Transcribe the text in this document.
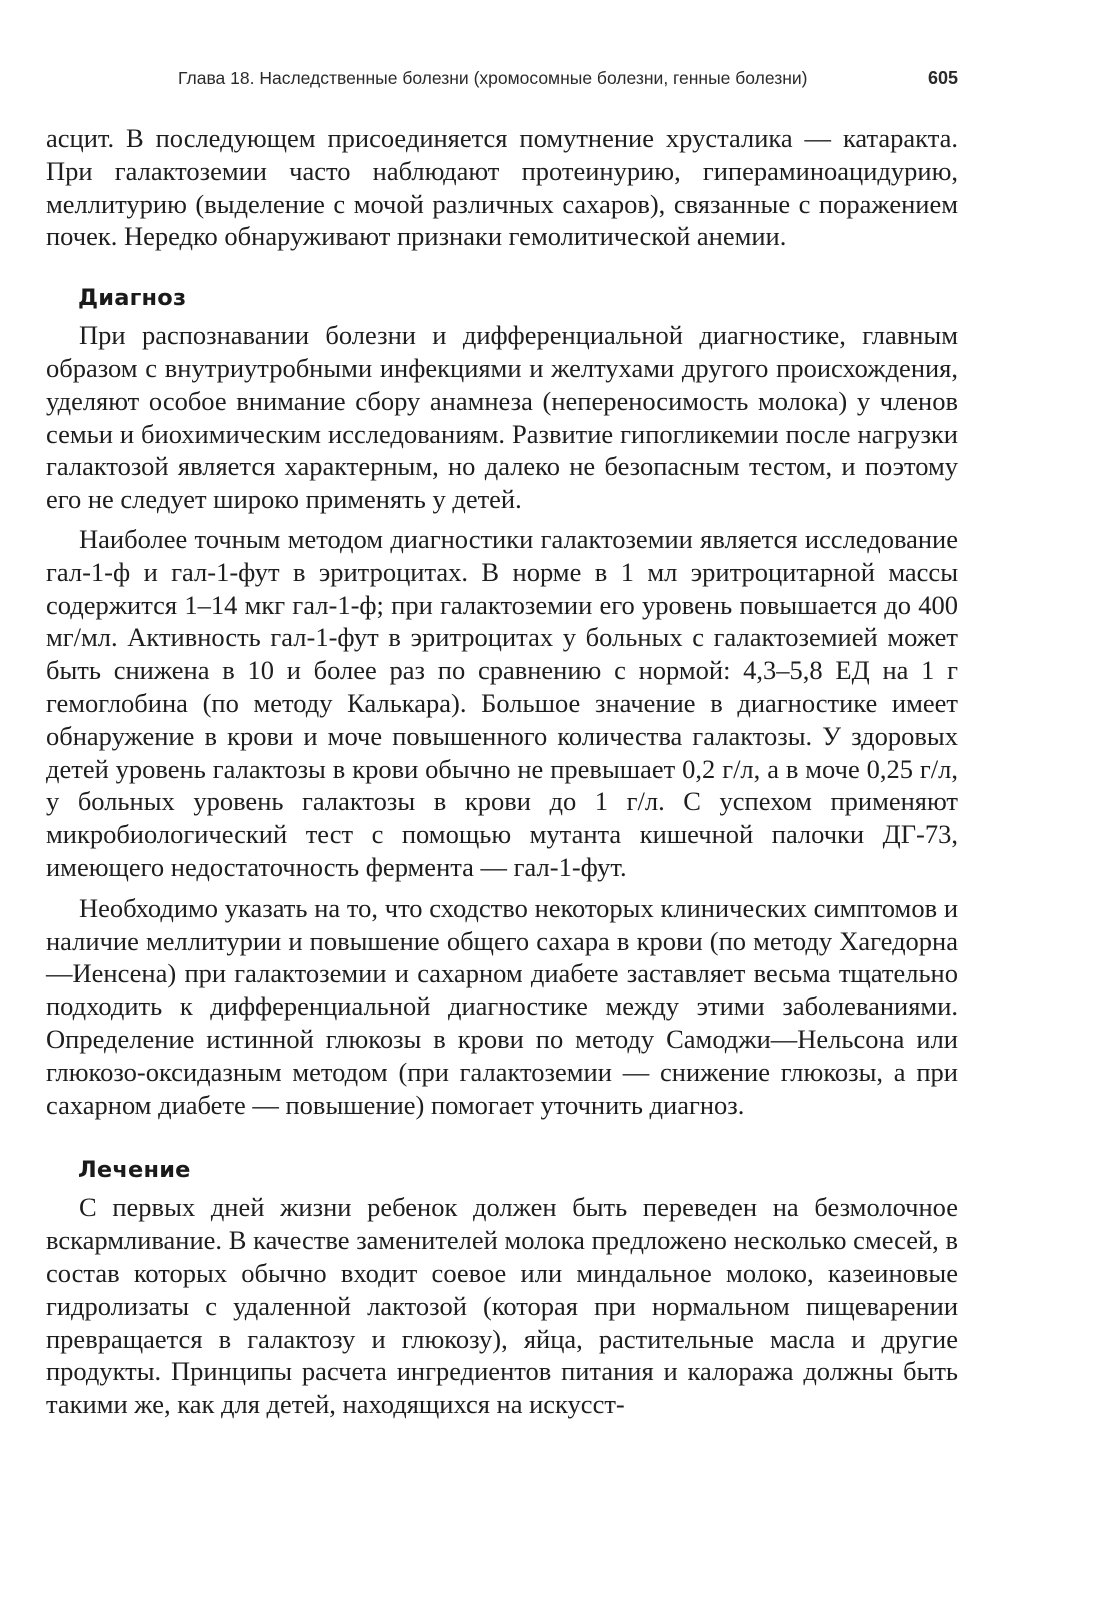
Глава 18. Наследственные болезни (хромосомные болезни, генные болезни)	605

асцит. В последующем присоединяется помутнение хрусталика — катаракта. При галактоземии часто наблюдают протеинурию, гипераминоацидурию, меллитурию (выделение с мочой различных сахаров), связанные с поражением почек. Нередко обнаруживают признаки гемолитической анемии.

Диагноз

При распознавании болезни и дифференциальной диагностике, главным образом с внутриутробными инфекциями и желтухами другого происхождения, уделяют особое внимание сбору анамнеза (непереносимость молока) у членов семьи и биохимическим исследованиям. Развитие гипогликемии после нагрузки галактозой является характерным, но далеко не безопасным тестом, и поэтому его не следует широко применять у детей.

Наиболее точным методом диагностики галактоземии является исследование гал-1-ф и гал-1-фут в эритроцитах. В норме в 1 мл эритроцитарной массы содержится 1–14 мкг гал-1-ф; при галактоземии его уровень повышается до 400 мг/мл. Активность гал-1-фут в эритроцитах у больных с галактоземией может быть снижена в 10 и более раз по сравнению с нормой: 4,3–5,8 ЕД на 1 г гемоглобина (по методу Калькара). Большое значение в диагностике имеет обнаружение в крови и моче повышенного количества галактозы. У здоровых детей уровень галактозы в крови обычно не превышает 0,2 г/л, а в моче 0,25 г/л, у больных уровень галактозы в крови до 1 г/л. С успехом применяют микробиологический тест с помощью мутанта кишечной палочки ДГ-73, имеющего недостаточность фермента — гал-1-фут.

Необходимо указать на то, что сходство некоторых клинических симптомов и наличие меллитурии и повышение общего сахара в крови (по методу Хагедорна—Иенсена) при галактоземии и сахарном диабете заставляет весьма тщательно подходить к дифференциальной диагностике между этими заболеваниями. Определение истинной глюкозы в крови по методу Самоджи—Нельсона или глюкозо-оксидазным методом (при галактоземии — снижение глюкозы, а при сахарном диабете — повышение) помогает уточнить диагноз.

Лечение

С первых дней жизни ребенок должен быть переведен на безмолочное вскармливание. В качестве заменителей молока предложено несколько смесей, в состав которых обычно входит соевое или миндальное молоко, казеиновые гидролизаты с удаленной лактозой (которая при нормальном пищеварении превращается в галактозу и глюкозу), яйца, растительные масла и другие продукты. Принципы расчета ингредиентов питания и калоража должны быть такими же, как для детей, находящихся на искусст-
